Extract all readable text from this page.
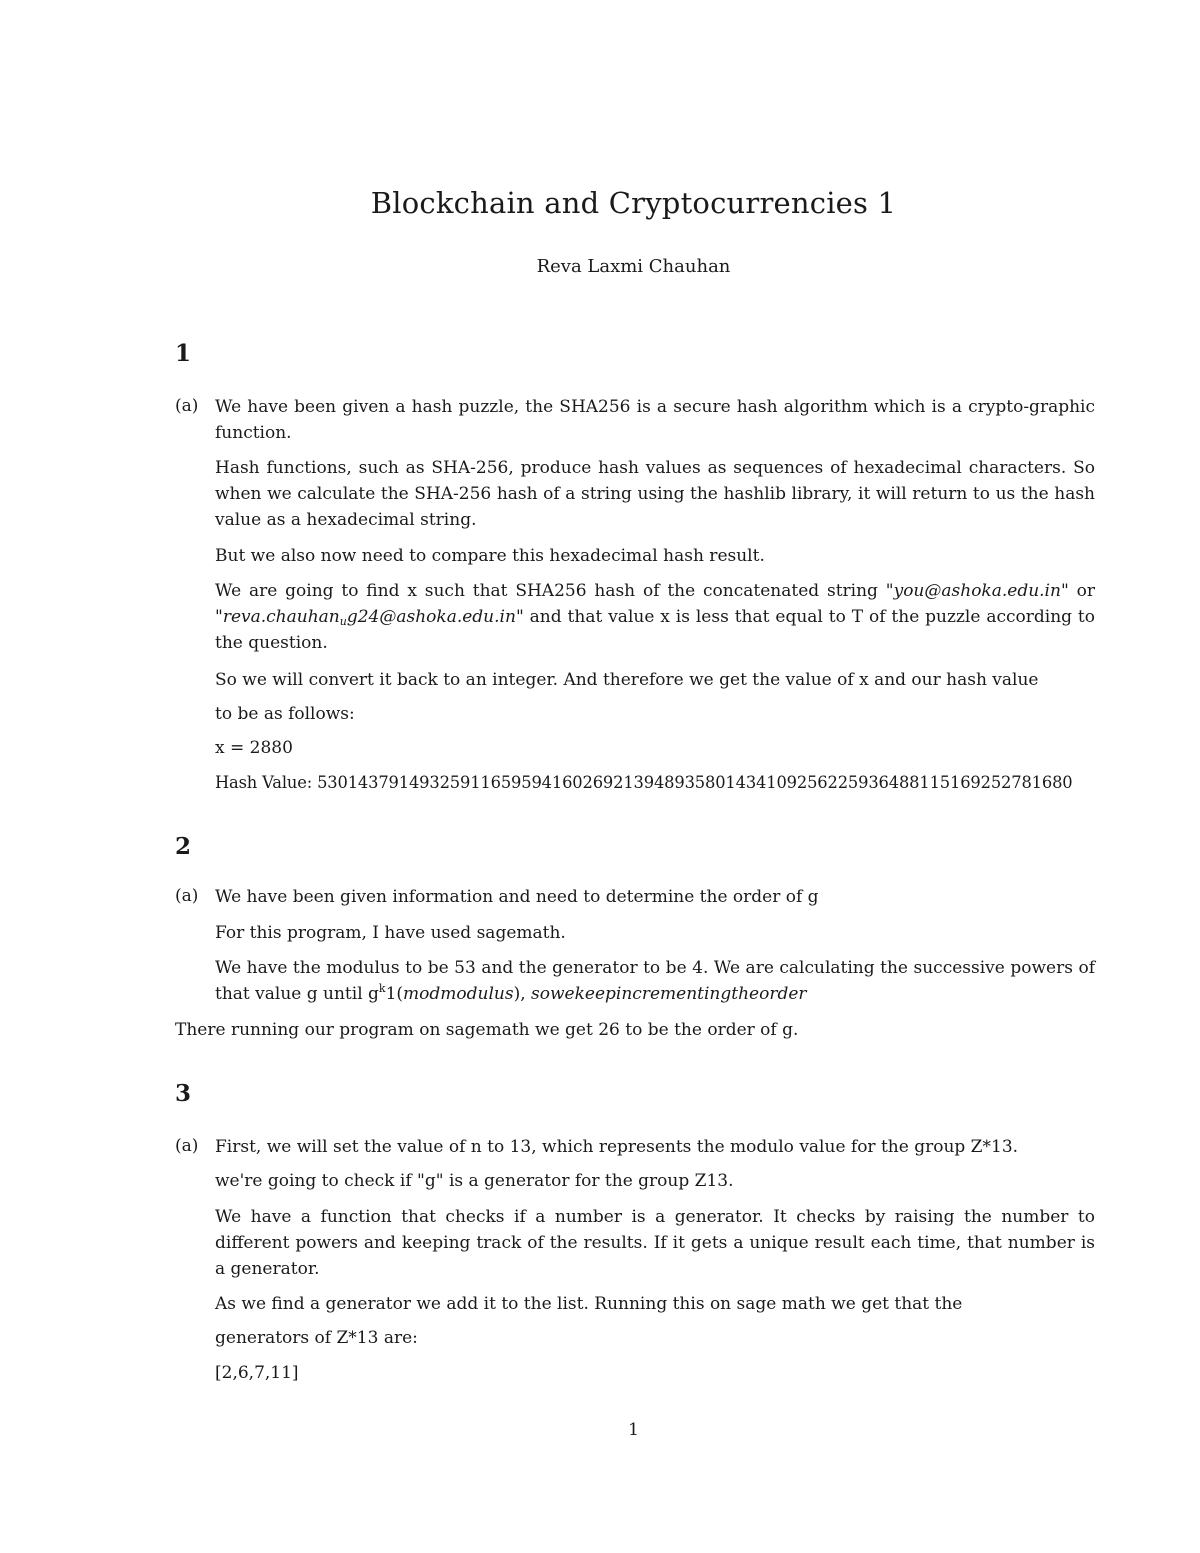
Blockchain and Cryptocurrencies 1

Reva Laxmi Chauhan

1

(a) We have been given a hash puzzle, the SHA256 is a secure hash algorithm which is a crypto-graphic function.

Hash functions, such as SHA-256, produce hash values as sequences of hexadecimal characters. So when we calculate the SHA-256 hash of a string using the hashlib library, it will return to us the hash value as a hexadecimal string.

But we also now need to compare this hexadecimal hash result.

We are going to find x such that SHA256 hash of the concatenated string "you@ashoka.edu.in" or "reva.chauhan$_u$g24@ashoka.edu.in" and that value x is less that equal to T of the puzzle according to the question.

So we will convert it back to an integer. And therefore we get the value of x and our hash value

to be as follows:

x = 2880

Hash Value: 530143791493259116595941602692139489358014341092562259364881151692527816​80

2

(a) We have been given information and need to determine the order of g

For this program, I have used sagemath.

We have the modulus to be 53 and the generator to be 4. We are calculating the successive powers of that value g until $g^k1(modmodulus)$, sowekeepincrementingtheorder

There running our program on sagemath we get 26 to be the order of g.

3

(a) First, we will set the value of n to 13, which represents the modulo value for the group Z*13.

we're going to check if "g" is a generator for the group Z13.

We have a function that checks if a number is a generator. It checks by raising the number to different powers and keeping track of the results. If it gets a unique result each time, that number is a generator.

As we find a generator we add it to the list. Running this on sage math we get that the

generators of Z*13 are:

[2,6,7,11]

1
